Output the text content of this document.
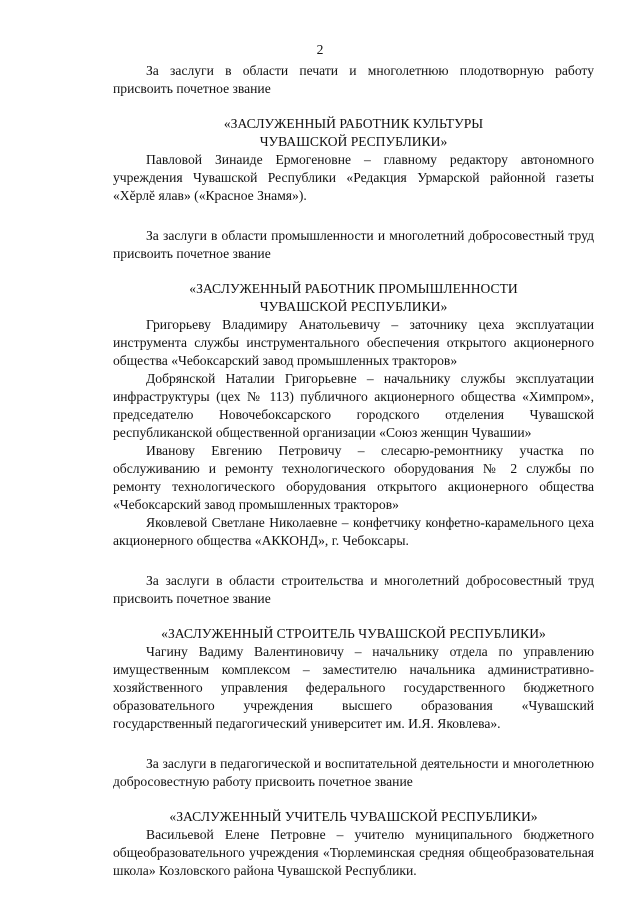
2

За заслуги в области печати и многолетнюю плодотворную работу присвоить почетное звание

«ЗАСЛУЖЕННЫЙ РАБОТНИК КУЛЬТУРЫ

ЧУВАШСКОЙ РЕСПУБЛИКИ»

Павловой Зинаиде Ермогеновне – главному редактору автономного учреждения Чувашской Республики «Редакция Урмарской районной газеты «Хĕрлĕ ялав» («Красное Знамя»).

За заслуги в области промышленности и многолетний добросовестный труд присвоить почетное звание

«ЗАСЛУЖЕННЫЙ РАБОТНИК ПРОМЫШЛЕННОСТИ

ЧУВАШСКОЙ РЕСПУБЛИКИ»

Григорьеву Владимиру Анатольевичу – заточнику цеха эксплуатации инструмента службы инструментального обеспечения открытого акционерного общества «Чебоксарский завод промышленных тракторов»

Добрянской Наталии Григорьевне – начальнику службы эксплуатации инфраструктуры (цех № 113) публичного акционерного общества «Химпром», председателю Новочебоксарского городского отделения Чувашской республиканской общественной организации «Союз женщин Чувашии»

Иванову Евгению Петровичу – слесарю-ремонтнику участка по обслуживанию и ремонту технологического оборудования № 2 службы по ремонту технологического оборудования открытого акционерного общества «Чебоксарский завод промышленных тракторов»

Яковлевой Светлане Николаевне – конфетчику конфетно-карамельного цеха акционерного общества «АККОНД», г. Чебоксары.

За заслуги в области строительства и многолетний добросовестный труд присвоить почетное звание

«ЗАСЛУЖЕННЫЙ СТРОИТЕЛЬ ЧУВАШСКОЙ РЕСПУБЛИКИ»

Чагину Вадиму Валентиновичу – начальнику отдела по управлению имущественным комплексом – заместителю начальника административно-хозяйственного управления федерального государственного бюджетного образовательного учреждения высшего образования «Чувашский государственный педагогический университет им. И.Я. Яковлева».

За заслуги в педагогической и воспитательной деятельности и многолетнюю добросовестную работу присвоить почетное звание

«ЗАСЛУЖЕННЫЙ УЧИТЕЛЬ ЧУВАШСКОЙ РЕСПУБЛИКИ»

Васильевой Елене Петровне – учителю муниципального бюджетного общеобразовательного учреждения «Тюрлеминская средняя общеобразовательная школа» Козловского района Чувашской Республики.
